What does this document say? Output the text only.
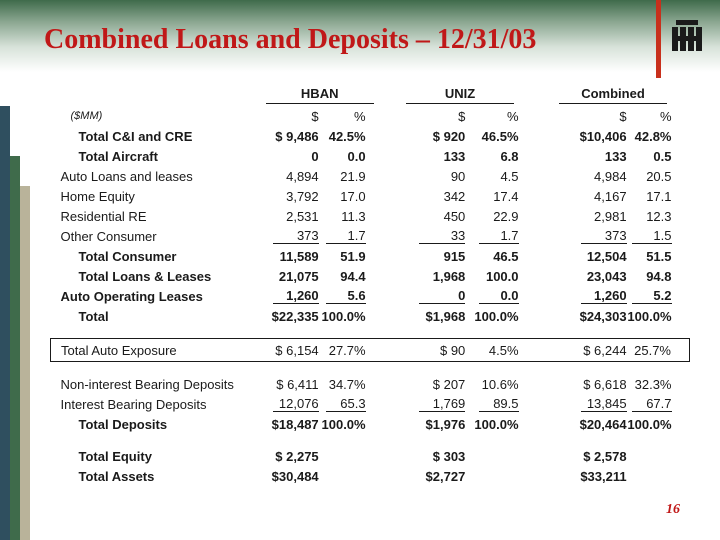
Combined Loans and Deposits – 12/31/03
	HBAN		UNIZ		Combined	
($MM)	$	%	$	%	$	%
Total C&I and CRE	$ 9,486	42.5%	$ 920	46.5%	$10,406	42.8%
Total Aircraft	0	0.0	133	6.8	133	0.5
Auto Loans and leases	4,894	21.9	90	4.5	4,984	20.5
Home Equity	3,792	17.0	342	17.4	4,167	17.1
Residential RE	2,531	11.3	450	22.9	2,981	12.3
Other Consumer	373	1.7	33	1.7	373	1.5
Total Consumer	11,589	51.9	915	46.5	12,504	51.5
Total Loans & Leases	21,075	94.4	1,968	100.0	23,043	94.8
Auto Operating Leases	1,260	5.6	0	0.0	1,260	5.2
Total	$22,335	100.0%	$1,968	100.0%	$24,303	100.0%

Total Auto Exposure	$ 6,154	27.7%	$ 90	4.5%	$ 6,244	25.7%

Non-interest Bearing Deposits	$ 6,411	34.7%	$ 207	10.6%	$ 6,618	32.3%
Interest Bearing Deposits	12,076	65.3	1,769	89.5	13,845	67.7
Total Deposits	$18,487	100.0%	$1,976	100.0%	$20,464	100.0%

Total Equity	$ 2,275		$ 303		$ 2,578	
Total Assets	$30,484		$2,727		$33,211	
16
